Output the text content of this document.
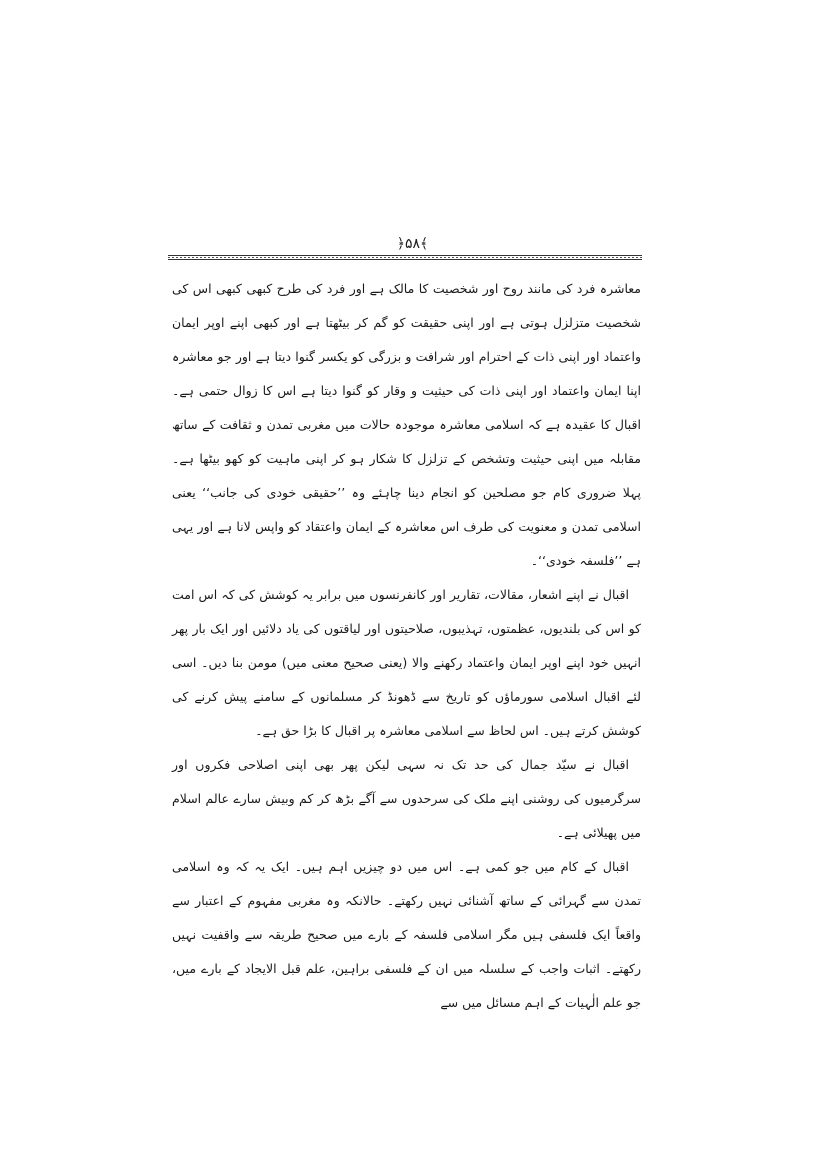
﴿۵۸﴾

معاشرہ فرد کی مانند روح اور شخصیت کا مالک ہے اور فرد کی طرح کبھی کبھی اس کی شخصیت متزلزل ہوتی ہے اور اپنی حقیقت کو گم کر بیٹھتا ہے اور کبھی اپنے اوپر ایمان واعتماد اور اپنی ذات کے احترام اور شرافت و بزرگی کو یکسر گنوا دیتا ہے اور جو معاشرہ اپنا ایمان واعتماد اور اپنی ذات کی حیثیت و وقار کو گنوا دیتا ہے اس کا زوال حتمی ہے۔ اقبال کا عقیدہ ہے کہ اسلامی معاشرہ موجودہ حالات میں مغربی تمدن و ثقافت کے ساتھ مقابلہ میں اپنی حیثیت وتشخص کے تزلزل کا شکار ہو کر اپنی ماہیت کو کھو بیٹھا ہے۔ پہلا ضروری کام جو مصلحین کو انجام دینا چاہئے وہ ’’حقیقی خودی کی جانب‘‘ یعنی اسلامی تمدن و معنویت کی طرف اس معاشرہ کے ایمان واعتقاد کو واپس لانا ہے اور یہی ہے ’’فلسفہ خودی‘‘۔

اقبال نے اپنے اشعار، مقالات، تقاریر اور کانفرنسوں میں برابر یہ کوشش کی کہ اس امت کو اس کی بلندیوں، عظمتوں، تہذیبوں، صلاحیتوں اور لیاقتوں کی یاد دلائیں اور ایک بار پھر انہیں خود اپنے اوپر ایمان واعتماد رکھنے والا (یعنی صحیح معنی میں) مومن بنا دیں۔ اسی لئے اقبال اسلامی سورماؤں کو تاریخ سے ڈھونڈ کر مسلمانوں کے سامنے پیش کرنے کی کوشش کرتے ہیں۔ اس لحاظ سے اسلامی معاشرہ پر اقبال کا بڑا حق ہے۔

اقبال نے سیّد جمال کی حد تک نہ سہی لیکن پھر بھی اپنی اصلاحی فکروں اور سرگرمیوں کی روشنی اپنے ملک کی سرحدوں سے آگے بڑھ کر کم وبیش سارے عالم اسلام میں پھیلائی ہے۔

اقبال کے کام میں جو کمی ہے۔ اس میں دو چیزیں اہم ہیں۔ ایک یہ کہ وہ اسلامی تمدن سے گہرائی کے ساتھ آشنائی نہیں رکھتے۔ حالانکہ وہ مغربی مفہوم کے اعتبار سے واقعاً ایک فلسفی ہیں مگر اسلامی فلسفہ کے بارے میں صحیح طریقہ سے واقفیت نہیں رکھتے۔ اثبات واجب کے سلسلہ میں ان کے فلسفی براہین، علم قبل الایجاد کے بارے میں، جو علم الٰہیات کے اہم مسائل میں سے
